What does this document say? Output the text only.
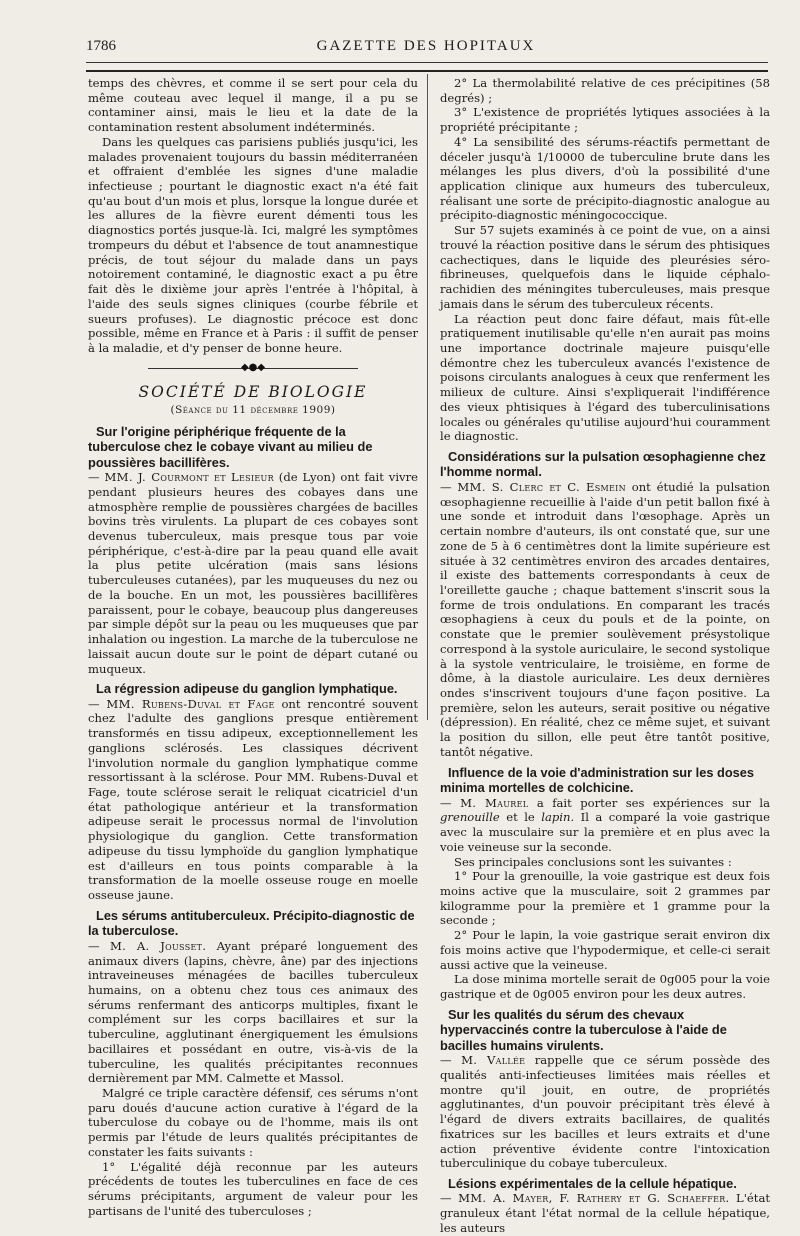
1786	GAZETTE DES HOPITAUX

temps des chèvres, et comme il se sert pour cela du même couteau avec lequel il mange, il a pu se contaminer ainsi, mais le lieu et la date de la contamination restent absolument indéterminés.

Dans les quelques cas parisiens publiés jusqu'ici, les malades provenaient toujours du bassin méditerranéen et offraient d'emblée les signes d'une maladie infectieuse ; pourtant le diagnostic exact n'a été fait qu'au bout d'un mois et plus, lorsque la longue durée et les allures de la fièvre eurent démenti tous les diagnostics portés jusque-là. Ici, malgré les symptômes trompeurs du début et l'absence de tout anamnestique précis, de tout séjour du malade dans un pays notoirement contaminé, le diagnostic exact a pu être fait dès le dixième jour après l'entrée à l'hôpital, à l'aide des seuls signes cliniques (courbe fébrile et sueurs profuses). Le diagnostic précoce est donc possible, même en France et à Paris : il suffit de penser à la maladie, et d'y penser de bonne heure.

◆●◆
SOCIÉTÉ DE BIOLOGIE
(Séance du 11 décembre 1909)
Sur l'origine périphérique fréquente de la tuberculose chez le cobaye vivant au milieu de poussières bacillifères.

— MM. J. Courmont et Lesieur (de Lyon) ont fait vivre pendant plusieurs heures des cobayes dans une atmosphère remplie de poussières chargées de bacilles bovins très virulents. La plupart de ces cobayes sont devenus tuberculeux, mais presque tous par voie périphérique, c'est-à-dire par la peau quand elle avait la plus petite ulcération (mais sans lésions tuberculeuses cutanées), par les muqueuses du nez ou de la bouche. En un mot, les poussières bacillifères paraissent, pour le cobaye, beaucoup plus dangereuses par simple dépôt sur la peau ou les muqueuses que par inhalation ou ingestion. La marche de la tuberculose ne laissait aucun doute sur le point de départ cutané ou muqueux.

La régression adipeuse du ganglion lymphatique.

— MM. Rubens-Duval et Fage ont rencontré souvent chez l'adulte des ganglions presque entièrement transformés en tissu adipeux, exceptionnellement les ganglions sclérosés. Les classiques décrivent l'involution normale du ganglion lymphatique comme ressortissant à la sclérose. Pour MM. Rubens-Duval et Fage, toute sclérose serait le reliquat cicatriciel d'un état pathologique antérieur et la transformation adipeuse serait le processus normal de l'involution physiologique du ganglion. Cette transformation adipeuse du tissu lymphoïde du ganglion lymphatique est d'ailleurs en tous points comparable à la transformation de la moelle osseuse rouge en moelle osseuse jaune.

Les sérums antituberculeux. Précipito-diagnostic de la tuberculose.

— M. A. Jousset. Ayant préparé longuement des animaux divers (lapins, chèvre, âne) par des injections intraveineuses ménagées de bacilles tuberculeux humains, on a obtenu chez tous ces animaux des sérums renfermant des anticorps multiples, fixant le complément sur les corps bacillaires et sur la tuberculine, agglutinant énergiquement les émulsions bacillaires et possédant en outre, vis-à-vis de la tuberculine, les qualités précipitantes reconnues dernièrement par MM. Calmette et Massol.

Malgré ce triple caractère défensif, ces sérums n'ont paru doués d'aucune action curative à l'égard de la tuberculose du cobaye ou de l'homme, mais ils ont permis par l'étude de leurs qualités précipitantes de constater les faits suivants :

1° L'égalité déjà reconnue par les auteurs précédents de toutes les tuberculines en face de ces sérums précipitants, argument de valeur pour les partisans de l'unité des tuberculoses ;

2° La thermolabilité relative de ces précipitines (58 degrés) ;

3° L'existence de propriétés lytiques associées à la propriété précipitante ;

4° La sensibilité des sérums-réactifs permettant de déceler jusqu'à 1/10000 de tuberculine brute dans les mélanges les plus divers, d'où la possibilité d'une application clinique aux humeurs des tuberculeux, réalisant une sorte de précipito-diagnostic analogue au précipito-diagnostic méningococcique.

Sur 57 sujets examinés à ce point de vue, on a ainsi trouvé la réaction positive dans le sérum des phtisiques cachectiques, dans le liquide des pleurésies séro-fibrineuses, quelquefois dans le liquide céphalo-rachidien des méningites tuberculeuses, mais presque jamais dans le sérum des tuberculeux récents.

La réaction peut donc faire défaut, mais fût-elle pratiquement inutilisable qu'elle n'en aurait pas moins une importance doctrinale majeure puisqu'elle démontre chez les tuberculeux avancés l'existence de poisons circulants analogues à ceux que renferment les milieux de culture. Ainsi s'expliquerait l'indifférence des vieux phtisiques à l'égard des tuberculinisations locales ou générales qu'utilise aujourd'hui couramment le diagnostic.

Considérations sur la pulsation œsophagienne chez l'homme normal.

— MM. S. Clerc et C. Esmein ont étudié la pulsation œsophagienne recueillie à l'aide d'un petit ballon fixé à une sonde et introduit dans l'œsophage. Après un certain nombre d'auteurs, ils ont constaté que, sur une zone de 5 à 6 centimètres dont la limite supérieure est située à 32 centimètres environ des arcades dentaires, il existe des battements correspondants à ceux de l'oreillette gauche ; chaque battement s'inscrit sous la forme de trois ondulations. En comparant les tracés œsophagiens à ceux du pouls et de la pointe, on constate que le premier soulèvement présystolique correspond à la systole auriculaire, le second systolique à la systole ventriculaire, le troisième, en forme de dôme, à la diastole auriculaire. Les deux dernières ondes s'inscrivent toujours d'une façon positive. La première, selon les auteurs, serait positive ou négative (dépression). En réalité, chez ce même sujet, et suivant la position du sillon, elle peut être tantôt positive, tantôt négative.

Influence de la voie d'administration sur les doses minima mortelles de colchicine.

— M. Maurel a fait porter ses expériences sur la grenouille et le lapin. Il a comparé la voie gastrique avec la musculaire sur la première et en plus avec la voie veineuse sur la seconde.

Ses principales conclusions sont les suivantes :

1° Pour la grenouille, la voie gastrique est deux fois moins active que la musculaire, soit 2 grammes par kilogramme pour la première et 1 gramme pour la seconde ;

2° Pour le lapin, la voie gastrique serait environ dix fois moins active que l'hypodermique, et celle-ci serait aussi active que la veineuse.

La dose minima mortelle serait de 0g005 pour la voie gastrique et de 0g005 environ pour les deux autres.

Sur les qualités du sérum des chevaux hypervaccinés contre la tuberculose à l'aide de bacilles humains virulents.

— M. Vallée rappelle que ce sérum possède des qualités anti-infectieuses limitées mais réelles et montre qu'il jouit, en outre, de propriétés agglutinantes, d'un pouvoir précipitant très élevé à l'égard de divers extraits bacillaires, de qualités fixatrices sur les bacilles et leurs extraits et d'une action préventive évidente contre l'intoxication tuberculinique du cobaye tuberculeux.

Lésions expérimentales de la cellule hépatique.

— MM. A. Mayer, F. Rathery et G. Schaeffer. L'état granuleux étant l'état normal de la cellule hépatique, les auteurs
